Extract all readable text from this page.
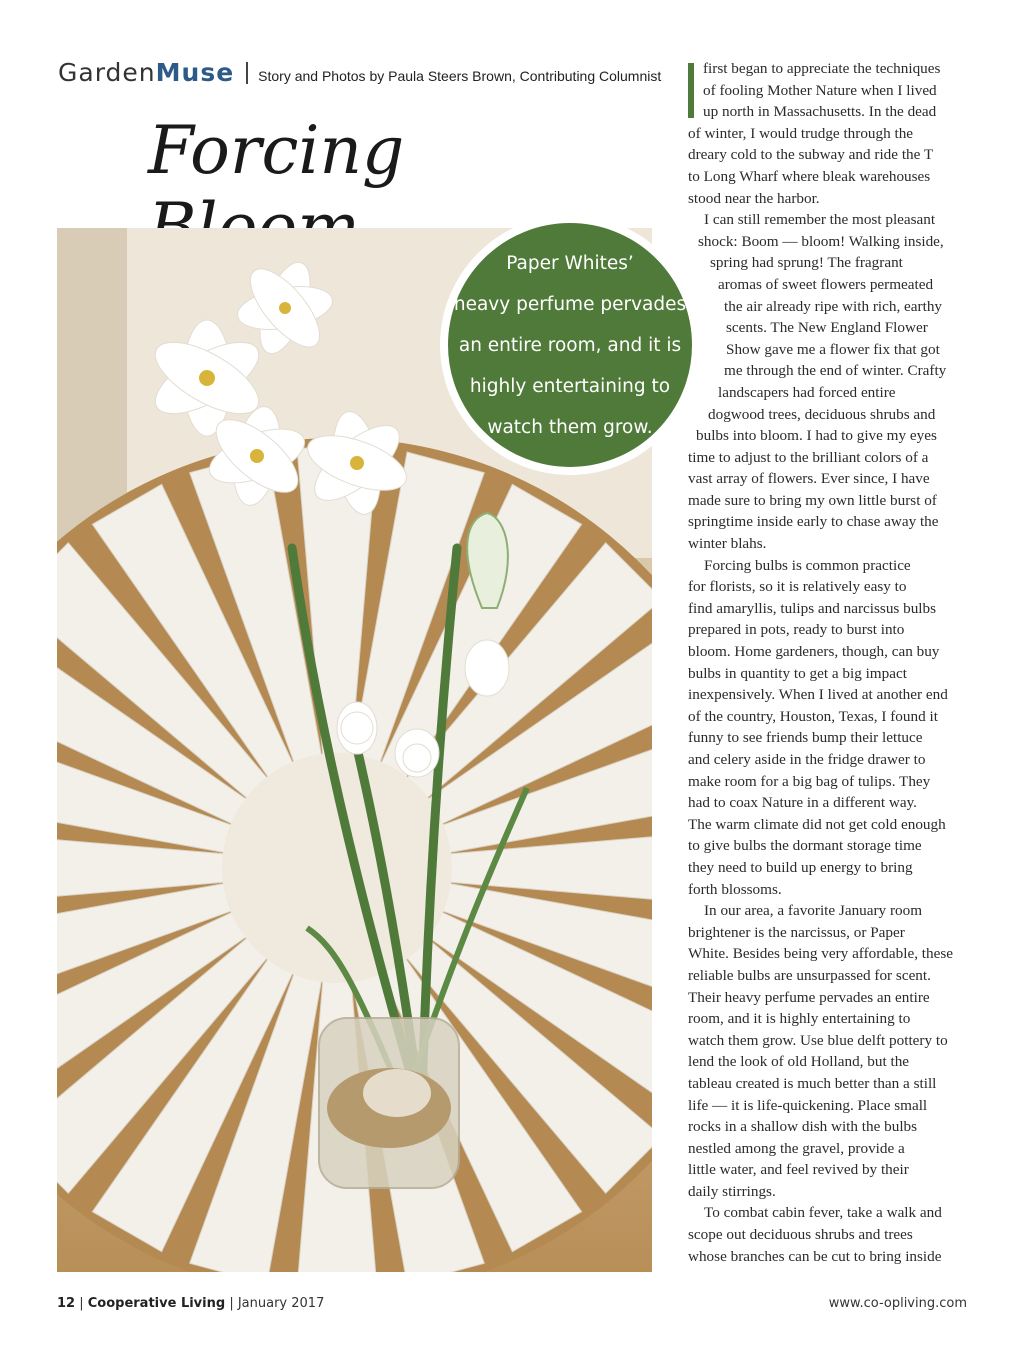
GardenMuse Story and Photos by Paula Steers Brown, Contributing Columnist
Forcing
Paper Whites’
heavy perfume pervades
an entire room, and it is
highly entertaining to
watch them grow.
first began to appreciate the techniques
of fooling Mother Nature when I lived
up north in Massachusetts. In the dead
of winter, I would trudge through the
dreary cold to the subway and ride the T
to Long Wharf where bleak warehouses
stood near the harbor.
I can still remember the most pleasant
shock: Boom — bloom! Walking inside,
spring had sprung! The fragrant
aromas of sweet flowers permeated
the air already ripe with rich, earthy
scents. The New England Flower
Show gave me a flower fix that got
me through the end of winter. Crafty
landscapers had forced entire
dogwood trees, deciduous shrubs and
bulbs into bloom. I had to give my eyes
time to adjust to the brilliant colors of a
vast array of flowers. Ever since, I have
made sure to bring my own little burst of
springtime inside early to chase away the
winter blahs.
Forcing bulbs is common practice
for florists, so it is relatively easy to
find amaryllis, tulips and narcissus bulbs
prepared in pots, ready to burst into
bloom. Home gardeners, though, can buy
bulbs in quantity to get a big impact
inexpensively. When I lived at another end
of the country, Houston, Texas, I found it
funny to see friends bump their lettuce
and celery aside in the fridge drawer to
make room for a big bag of tulips. They
had to coax Nature in a different way.
The warm climate did not get cold enough
to give bulbs the dormant storage time
they need to build up energy to bring
forth blossoms.
In our area, a favorite January room
brightener is the narcissus, or Paper
White. Besides being very affordable, these
reliable bulbs are unsurpassed for scent.
Their heavy perfume pervades an entire
room, and it is highly entertaining to
watch them grow. Use blue delft pottery to
lend the look of old Holland, but the
tableau created is much better than a still
life — it is life-quickening. Place small
rocks in a shallow dish with the bulbs
nestled among the gravel, provide a
little water, and feel revived by their
daily stirrings.
To combat cabin fever, take a walk and
scope out deciduous shrubs and trees
whose branches can be cut to bring inside
12 | Cooperative Living | January 2017	www.co-opliving.com
